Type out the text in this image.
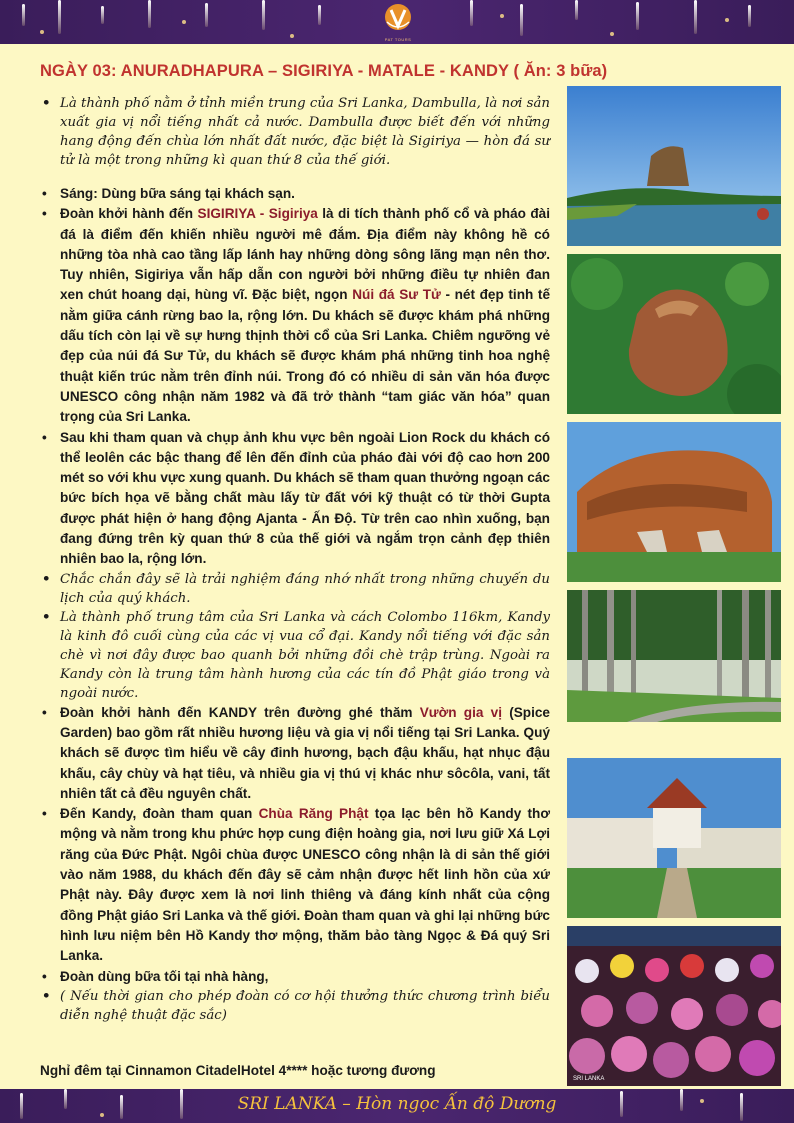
PAT TOURS
NGÀY 03: ANURADHAPURA – SIGIRIYA - MATALE - KANDY ( Ăn: 3 bữa)
• Là thành phố nằm ở tỉnh miền trung của Sri Lanka, Dambulla, là nơi sản xuất gia vị nổi tiếng nhất cả nước. Dambulla được biết đến với những hang động đến chùa lớn nhất đất nước, đặc biệt là Sigiriya — hòn đá sư tử là một trong những kì quan thứ 8 của thế giới.
• Sáng: Dùng bữa sáng tại khách sạn.
• Đoàn khởi hành đến SIGIRIYA - Sigiriya là di tích thành phố cổ và pháo đài đá là điểm đến khiến nhiều người mê đắm. Địa điểm này không hề có những tòa nhà cao tầng lấp lánh hay những dòng sông lãng mạn nên thơ. Tuy nhiên, Sigiriya vẫn hấp dẫn con người bởi những điều tự nhiên đan xen chút hoang dại, hùng vĩ. Đặc biệt, ngọn Núi đá Sư Tử - nét đẹp tinh tế nằm giữa cánh rừng bao la, rộng lớn. Du khách sẽ được khám phá những dấu tích còn lại về sự hưng thịnh thời cổ của Sri Lanka. Chiêm ngưỡng vẻ đẹp của núi đá Sư Tử, du khách sẽ được khám phá những tinh hoa nghệ thuật kiến trúc nằm trên đỉnh núi. Trong đó có nhiều di sản văn hóa được UNESCO công nhận năm 1982 và đã trở thành “tam giác văn hóa” quan trọng của Sri Lanka.
• Sau khi tham quan và chụp ảnh khu vực bên ngoài Lion Rock du khách có thể leolên các bậc thang để lên đến đỉnh của pháo đài với độ cao hơn 200 mét so với khu vực xung quanh. Du khách sẽ tham quan thưởng ngoạn các bức bích họa vẽ bằng chất màu lấy từ đất với kỹ thuật có từ thời Gupta được phát hiện ở hang động Ajanta - Ấn Độ. Từ trên cao nhìn xuống, bạn đang đứng trên kỳ quan thứ 8 của thế giới và ngắm trọn cảnh đẹp thiên nhiên bao la, rộng lớn.
• Chắc chắn đây sẽ là trải nghiệm đáng nhớ nhất trong những chuyến du lịch của quý khách.
• Là thành phố trung tâm của Sri Lanka và cách Colombo 116km, Kandy là kinh đô cuối cùng của các vị vua cổ đại. Kandy nổi tiếng với đặc sản chè vì nơi đây được bao quanh bởi những đồi chè trập trùng. Ngoài ra Kandy còn là trung tâm hành hương của các tín đồ Phật giáo trong và ngoài nước.
• Đoàn khởi hành đến KANDY trên đường ghé thăm Vườn gia vị (Spice Garden) bao gồm rất nhiều hương liệu và gia vị nổi tiếng tại Sri Lanka. Quý khách sẽ được tìm hiểu về cây đinh hương, bạch đậu khấu, hạt nhục đậu khấu, cây chùy và hạt tiêu, và nhiều gia vị thú vị khác như sôcôla, vani, tất nhiên tất cả đều nguyên chất.
• Đến Kandy, đoàn tham quan Chùa Răng Phật tọa lạc bên hồ Kandy thơ mộng và nằm trong khu phức hợp cung điện hoàng gia, nơi lưu giữ Xá Lợi răng của Đức Phật. Ngôi chùa được UNESCO công nhận là di sản thế giới vào năm 1988, du khách đến đây sẽ cảm nhận được hết linh hồn của xứ Phật này. Đây được xem là nơi linh thiêng và đáng kính nhất của cộng đồng Phật giáo Sri Lanka và thế giới. Đoàn tham quan và ghi lại những bức hình lưu niệm bên Hồ Kandy thơ mộng, thăm bảo tàng Ngọc & Đá quý Sri Lanka.
• Đoàn dùng bữa tối tại nhà hàng,
• ( Nếu thời gian cho phép đoàn có cơ hội thưởng thức chương trình biểu diễn nghệ thuật đặc sắc)
Nghỉ đêm tại Cinnamon CitadelHotel 4**** hoặc tương đương
SRI LANKA
SRI LANKA – Hòn ngọc Ấn độ Dương
